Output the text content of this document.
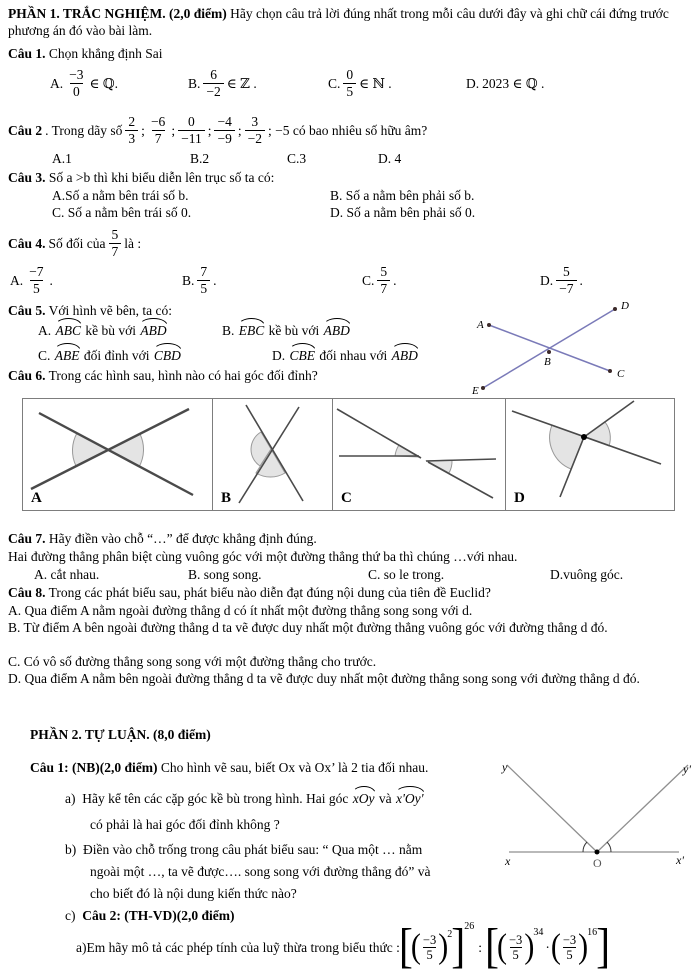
PHẦN 1. TRẮC NGHIỆM. (2,0 điểm) Hãy chọn câu trả lời đúng nhất trong mỗi câu dưới đây và ghi chữ cái đứng trước phương án đó vào bài làm.
Câu 1. Chọn khẳng định Sai
A.
−3
0
∈ ℚ.	B.
6
−2
∈ ℤ .	C.
0
5
∈ ℕ .	D. 2023 ∈ ℚ .
Câu 2 . Trong dãy số
2
3
;
−6
7
;
0
−11
;
−4
−9
;
3
−2
; −5 có bao nhiêu số hữu âm?
A.1	B.2	C.3	D. 4
Câu 3. Số a >b thì khi biểu diễn lên trục số ta có:
A.Số a nằm bên trái số b.	B. Số a nằm bên phải số b.
C. Số a nằm bên trái số 0.	D. Số a nằm bên phải số 0.
Câu 4. Số đối của
5
7
là :
A.
−7
5
.	B.
7
5
.	C.
5
7
.	D.
5
−7
.
Câu 5. Với hình vẽ bên, ta có:
A. ABC kề bù với ABD	B. EBC kề bù với ABD
C. ABE đối đỉnh với CBD	D. CBE đối nhau với ABD
A
D
B
C
E
Câu 6. Trong các hình sau, hình nào có hai góc đối đỉnh?
A	B	C	D
Câu 7. Hãy điền vào chỗ “…” để được khẳng định đúng.
Hai đường thẳng phân biệt cùng vuông góc với một đường thẳng thứ ba thì chúng …với nhau.
A. cắt nhau.	B. song song.	C. so le trong.	D.vuông góc.
Câu 8. Trong các phát biểu sau, phát biểu nào diễn đạt đúng nội dung của tiên đề Euclid?
A. Qua điểm A nằm ngoài đường thẳng d có ít nhất một đường thẳng song song với d.
B. Từ điểm A bên ngoài đường thẳng d ta vẽ được duy nhất một đường thẳng vuông góc với đường thẳng d đó.
C. Có vô số đường thẳng song song với một đường thẳng cho trước.
D. Qua điểm A nằm bên ngoài đường thẳng d ta vẽ được duy nhất một đường thẳng song song với đường thẳng d đó.
PHẦN 2. TỰ LUẬN. (8,0 điểm)
Câu 1: (NB)(2,0 điểm) Cho hình vẽ sau, biết Ox và Ox’ là 2 tia đối nhau.
a) Hãy kể tên các cặp góc kề bù trong hình. Hai góc xOy và x'Oy'
có phải là hai góc đối đỉnh không ?
b) Điền vào chỗ trống trong câu phát biểu sau: “ Qua một … nằm
ngoài một …, ta vẽ được…. song song với đường thẳng đó” và
cho biết đó là nội dung kiến thức nào?
c) Câu 2: (TH-VD)(2,0 điểm)
y	y'
x	O	x'
a)Em hãy mô tả các phép tính của luỹ thừa trong biểu thức : [
( −3
5 ) 2 ] 26
: [
( −3
5 ) 34
· ( −3
5 ) 16 ]
